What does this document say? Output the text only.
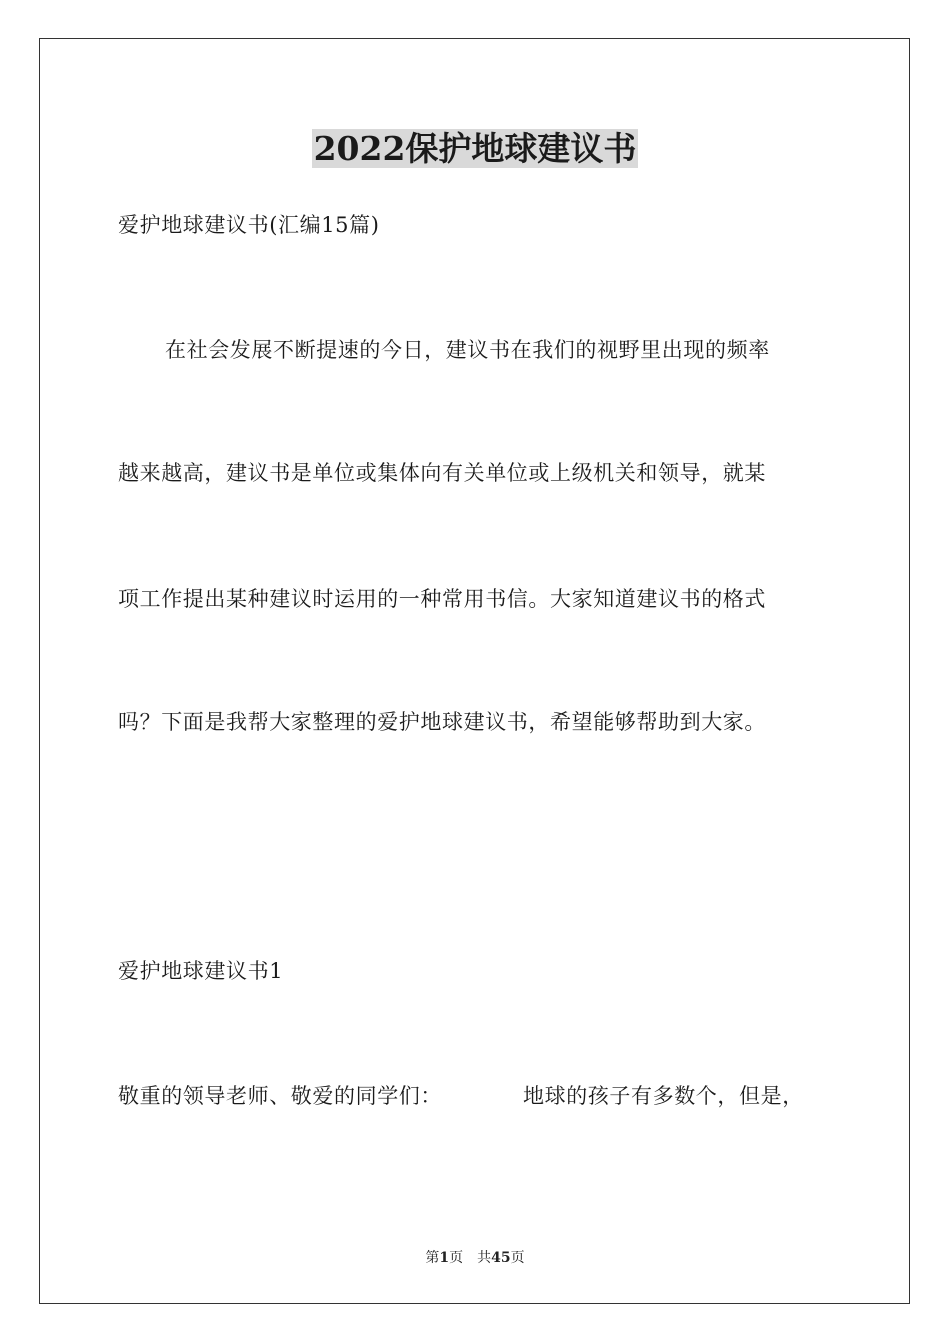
2022保护地球建议书
爱护地球建议书(汇编15篇)
在社会发展不断提速的今日，建议书在我们的视野里出现的频率
越来越高，建议书是单位或集体向有关单位或上级机关和领导，就某
项工作提出某种建议时运用的一种常用书信。大家知道建议书的格式
吗？下面是我帮大家整理的爱护地球建议书，希望能够帮助到大家。
爱护地球建议书1
敬重的领导老师、敬爱的同学们：	地球的孩子有多数个，但是，
第1页 共45页
